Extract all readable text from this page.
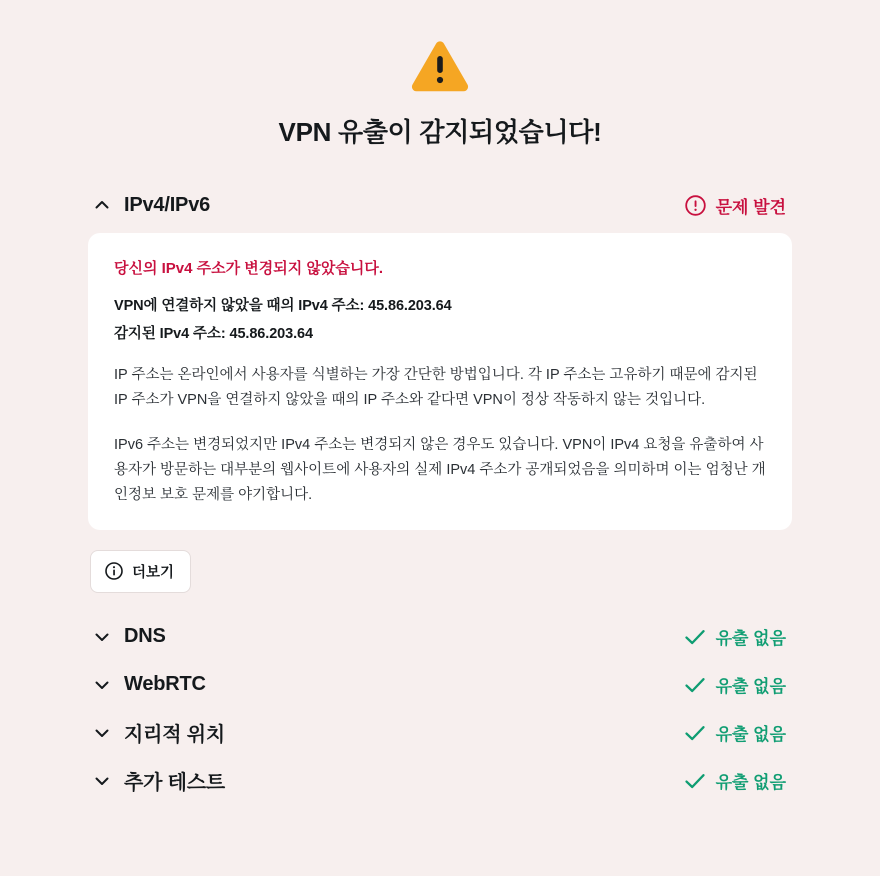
VPN 유출이 감지되었습니다!
IPv4/IPv6	문제 발견

당신의 IPv4 주소가 변경되지 않았습니다.

VPN에 연결하지 않았을 때의 IPv4 주소: 45.86.203.64

감지된 IPv4 주소: 45.86.203.64

IP 주소는 온라인에서 사용자를 식별하는 가장 간단한 방법입니다. 각 IP 주소는 고유하기 때문에 감지된 IP 주소가 VPN을 연결하지 않았을 때의 IP 주소와 같다면 VPN이 정상 작동하지 않는 것입니다.

IPv6 주소는 변경되었지만 IPv4 주소는 변경되지 않은 경우도 있습니다. VPN이 IPv4 요청을 유출하여 사용자가 방문하는 대부분의 웹사이트에 사용자의 실제 IPv4 주소가 공개되었음을 의미하며 이는 엄청난 개인정보 보호 문제를 야기합니다.

더보기
DNS	유출 없음
WebRTC	유출 없음
지리적 위치	유출 없음
추가 테스트	유출 없음
